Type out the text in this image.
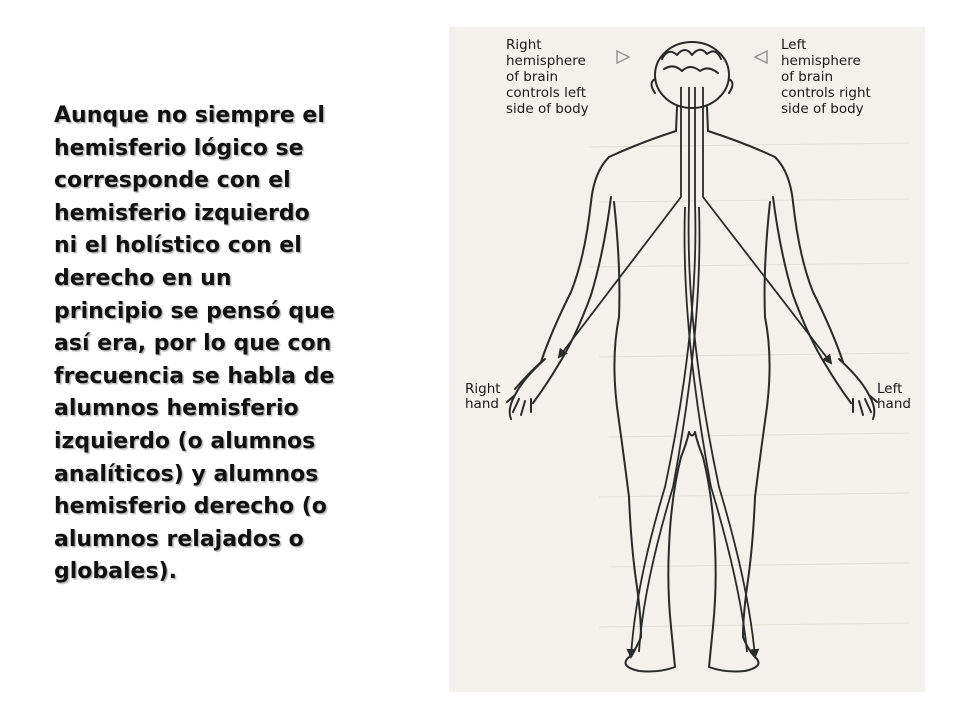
Aunque no siempre el
hemisferio lógico se
corresponde con el
hemisferio izquierdo
ni el holístico con el
derecho en un
principio se pensó que
así era, por lo que con
frecuencia se habla de
alumnos hemisferio
izquierdo (o alumnos
analíticos) y alumnos
hemisferio derecho (o
alumnos relajados o
globales).
Right
hemisphere
of brain
controls left
side of body
Left
hemisphere
of brain
controls right
side of body
Right
hand
Left
hand
